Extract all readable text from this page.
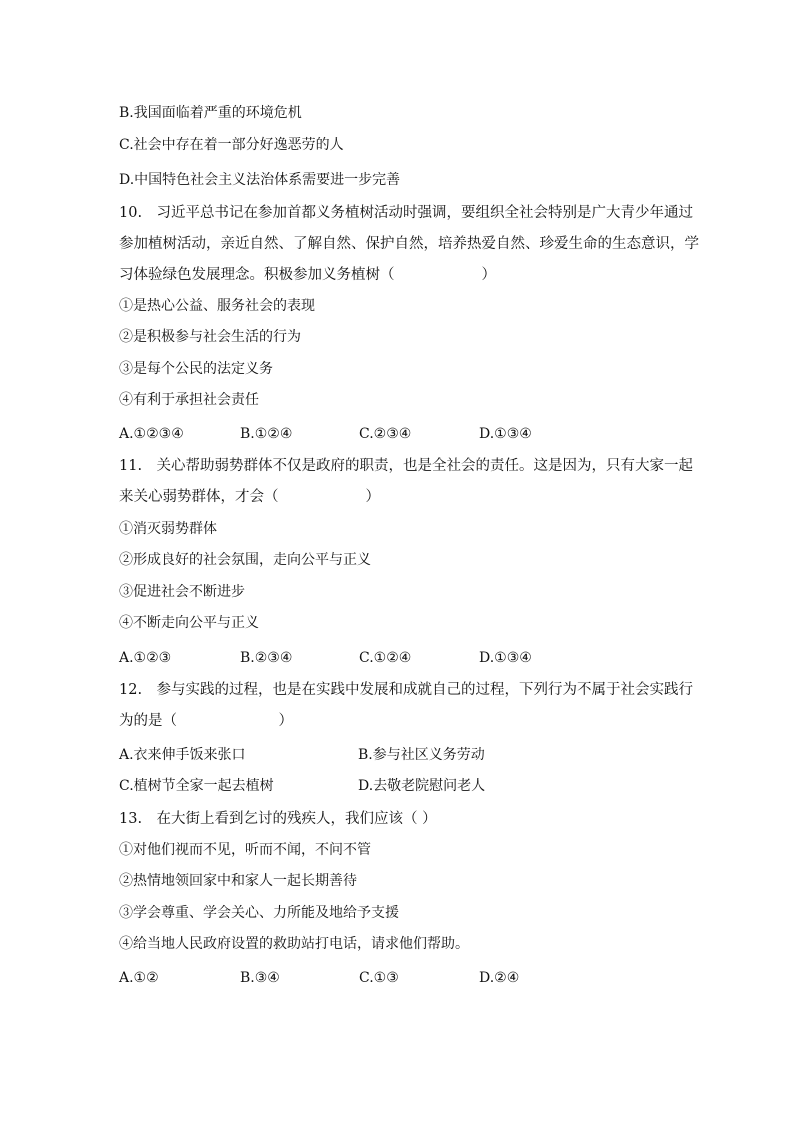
B.我国面临着严重的环境危机
C.社会中存在着一部分好逸恶劳的人
D.中国特色社会主义法治体系需要进一步完善
10.　习近平总书记在参加首都义务植树活动时强调，要组织全社会特别是广大青少年通过
参加植树活动，亲近自然、了解自然、保护自然，培养热爱自然、珍爱生命的生态意识，学
习体验绿色发展理念。积极参加义务植树（　　　　　　）
①是热心公益、服务社会的表现
②是积极参与社会生活的行为
③是每个公民的法定义务
④有利于承担社会责任
A.①②③④	B.①②④	C.②③④	D.①③④
11.　关心帮助弱势群体不仅是政府的职责，也是全社会的责任。这是因为，只有大家一起
来关心弱势群体，才会（　　　　　　）
①消灭弱势群体
②形成良好的社会氛围，走向公平与正义
③促进社会不断进步
④不断走向公平与正义
A.①②③	B.②③④	C.①②④	D.①③④
12.　参与实践的过程，也是在实践中发展和成就自己的过程，下列行为不属于社会实践行
为的是（　　　　　　　）
A.衣来伸手饭来张口	B.参与社区义务劳动
C.植树节全家一起去植树	D.去敬老院慰问老人
13.　在大街上看到乞讨的残疾人，我们应该（ ）
①对他们视而不见，听而不闻，不问不管
②热情地领回家中和家人一起长期善待
③学会尊重、学会关心、力所能及地给予支援
④给当地人民政府设置的救助站打电话，请求他们帮助。
A.①②	B.③④	C.①③	D.②④
